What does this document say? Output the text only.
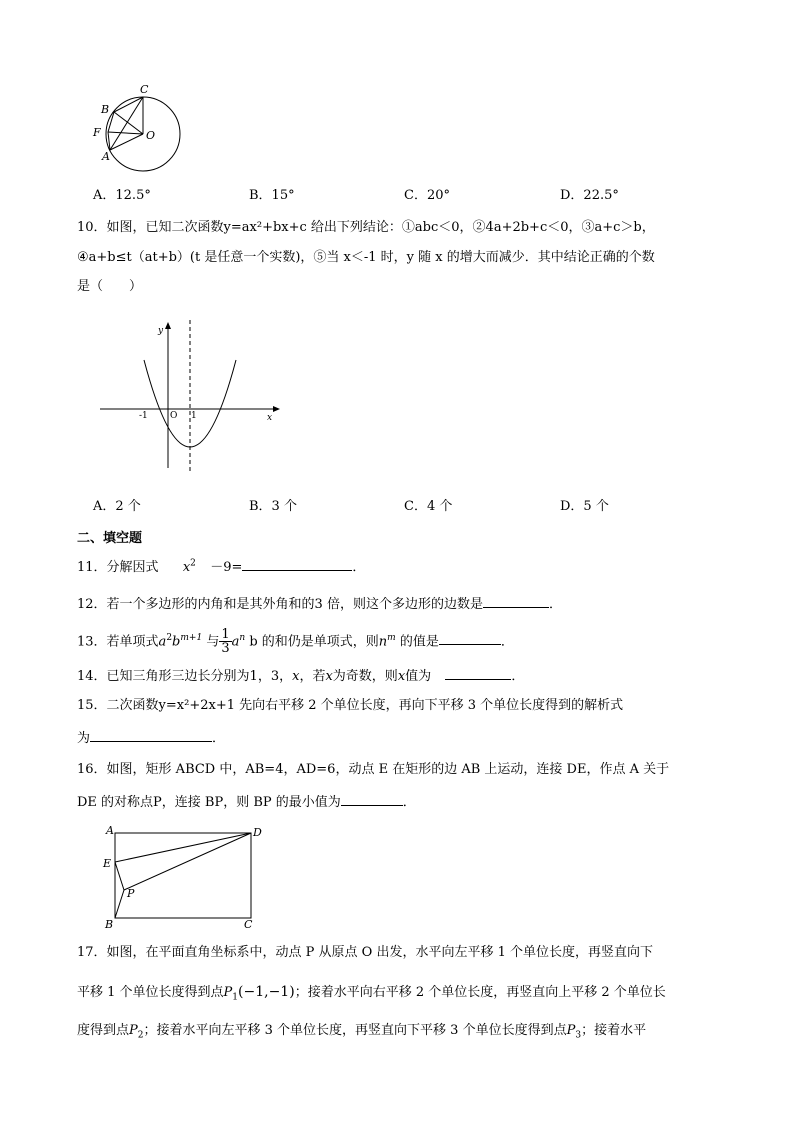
C
B
F
A
O
A．12.5°	B．15°	C．20°	D．22.5°
10．如图，已知二次函数y=ax²+bx+c 给出下列结论：①abc＜0，②4a+2b+c＜0，③a+c＞b，
④a+b≤t（at+b）(t 是任意一个实数)，⑤当 x＜-1 时，y 随 x 的增大而减少．其中结论正确的个数
是（　　）
y
x
-1 O 1
A．2 个	B．3 个	C．4 个	D．5 个
二、填空题
11．分解因式 $x^2 -9=$	．
12．若一个多边形的内角和是其外角和的3 倍，则这个多边形的边数是	．
13．若单项式$a^2b^{m+1}$ 与 $\frac{1}{3} a^n$ b 的和仍是单项式，则$n^m$ 的值是	．
14．已知三角形三边长分别为1，3，x，若x为奇数，则x值为	．
15．二次函数y=x²+2x+1 先向右平移 2 个单位长度，再向下平移 3 个单位长度得到的解析式
为	．
16．如图，矩形 ABCD 中，AB=4，AD=6，动点 E 在矩形的边 AB 上运动，连接 DE，作点 A 关于
DE 的对称点P，连接 BP，则 BP 的最小值为	．
A	D
E
P
B	C
17．如图，在平面直角坐标系中，动点 P 从原点 O 出发，水平向左平移 1 个单位长度，再竖直向下
平移 1 个单位长度得到点$P_1(-1,-1)$；接着水平向右平移 2 个单位长度，再竖直向上平移 2 个单位长
度得到点$P_2$；接着水平向左平移 3 个单位长度，再竖直向下平移 3 个单位长度得到点$P_3$；接着水平
